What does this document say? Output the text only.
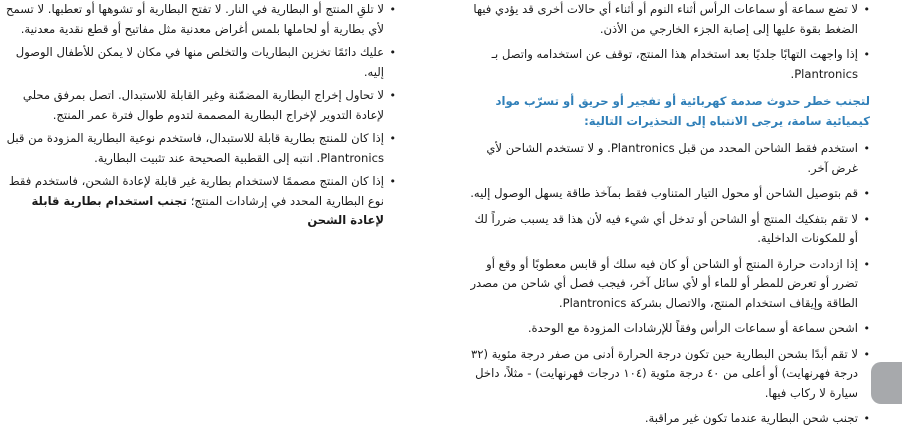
• لا تلقِ المنتج أو البطارية في النار. لا تفتح البطارية أو تشوهها أو تعطبها. لا تسمح لأي بطارية أو لحاملها بلمس أغراض معدنية مثل مفاتيح أو قطع نقدية معدنية.
• عليك دائمًا تخزين البطاريات والتخلص منها في مكان لا يمكن للأطفال الوصول إليه.
• لا تحاول إخراج البطارية المضمّنة وغير القابلة للاستبدال. اتصل بمرفق محلي لإعادة التدوير لإخراج البطارية المصممة لتدوم طوال فترة عمر المنتج.
• إذا كان للمنتج بطارية قابلة للاستبدال، فاستخدم نوعية البطارية المزودة من قبل Plantronics. انتبه إلى القطبية الصحيحة عند تثبيت البطارية.
• إذا كان المنتج مصممًا لاستخدام بطارية غير قابلة لإعادة الشحن، فاستخدم فقط نوع البطارية المحدد في إرشادات المنتج؛ تجنب استخدام بطارية قابلة لإعادة الشحن
• لا تضع سماعة أو سماعات الرأس أثناء النوم أو أثناء أي حالات أخرى قد يؤدي فيها الضغط بقوة عليها إلى إصابة الجزء الخارجي من الأذن.
• إذا واجهت التهابًا جلديًا بعد استخدام هذا المنتج، توقف عن استخدامه واتصل بـ Plantronics.
لتجنب خطر حدوث صدمة كهربائية أو تفجير أو حريق أو تسرّب مواد كيميائية سامة، يرجى الانتباه إلى التحذيرات التالية:
• استخدم فقط الشاحن المحدد من قبل Plantronics. و لا تستخدم الشاحن لأي غرض آخر.
• قم بتوصيل الشاحن أو محول التيار المتناوب فقط بمآخذ طاقة يسهل الوصول إليه.
• لا تقم بتفكيك المنتج أو الشاحن أو تدخل أي شيء فيه لأن هذا قد يسبب ضرراً لك أو للمكونات الداخلية.
• إذا ازدادت حرارة المنتج أو الشاحن أو كان فيه سلك أو قابس معطوبًا أو وقع أو تضرر أو تعرض للمطر أو للماء أو لأي سائل آخر، فيجب فصل أي شاحن من مصدر الطاقة وإيقاف استخدام المنتج، والاتصال بشركة Plantronics.
• اشحن سماعة أو سماعات الرأس وفقاً للإرشادات المزودة مع الوحدة.
• لا تقم أبدًا بشحن البطارية حين تكون درجة الحرارة أدنى من صفر درجة مئوية (٣٢ درجة فهرنهايت) أو أعلى من ٤٠ درجة مئوية (١٠٤ درجات فهرنهايت) - مثلاً، داخل سيارة لا ركاب فيها.
• تجنب شحن البطارية عندما تكون غير مراقبة.
